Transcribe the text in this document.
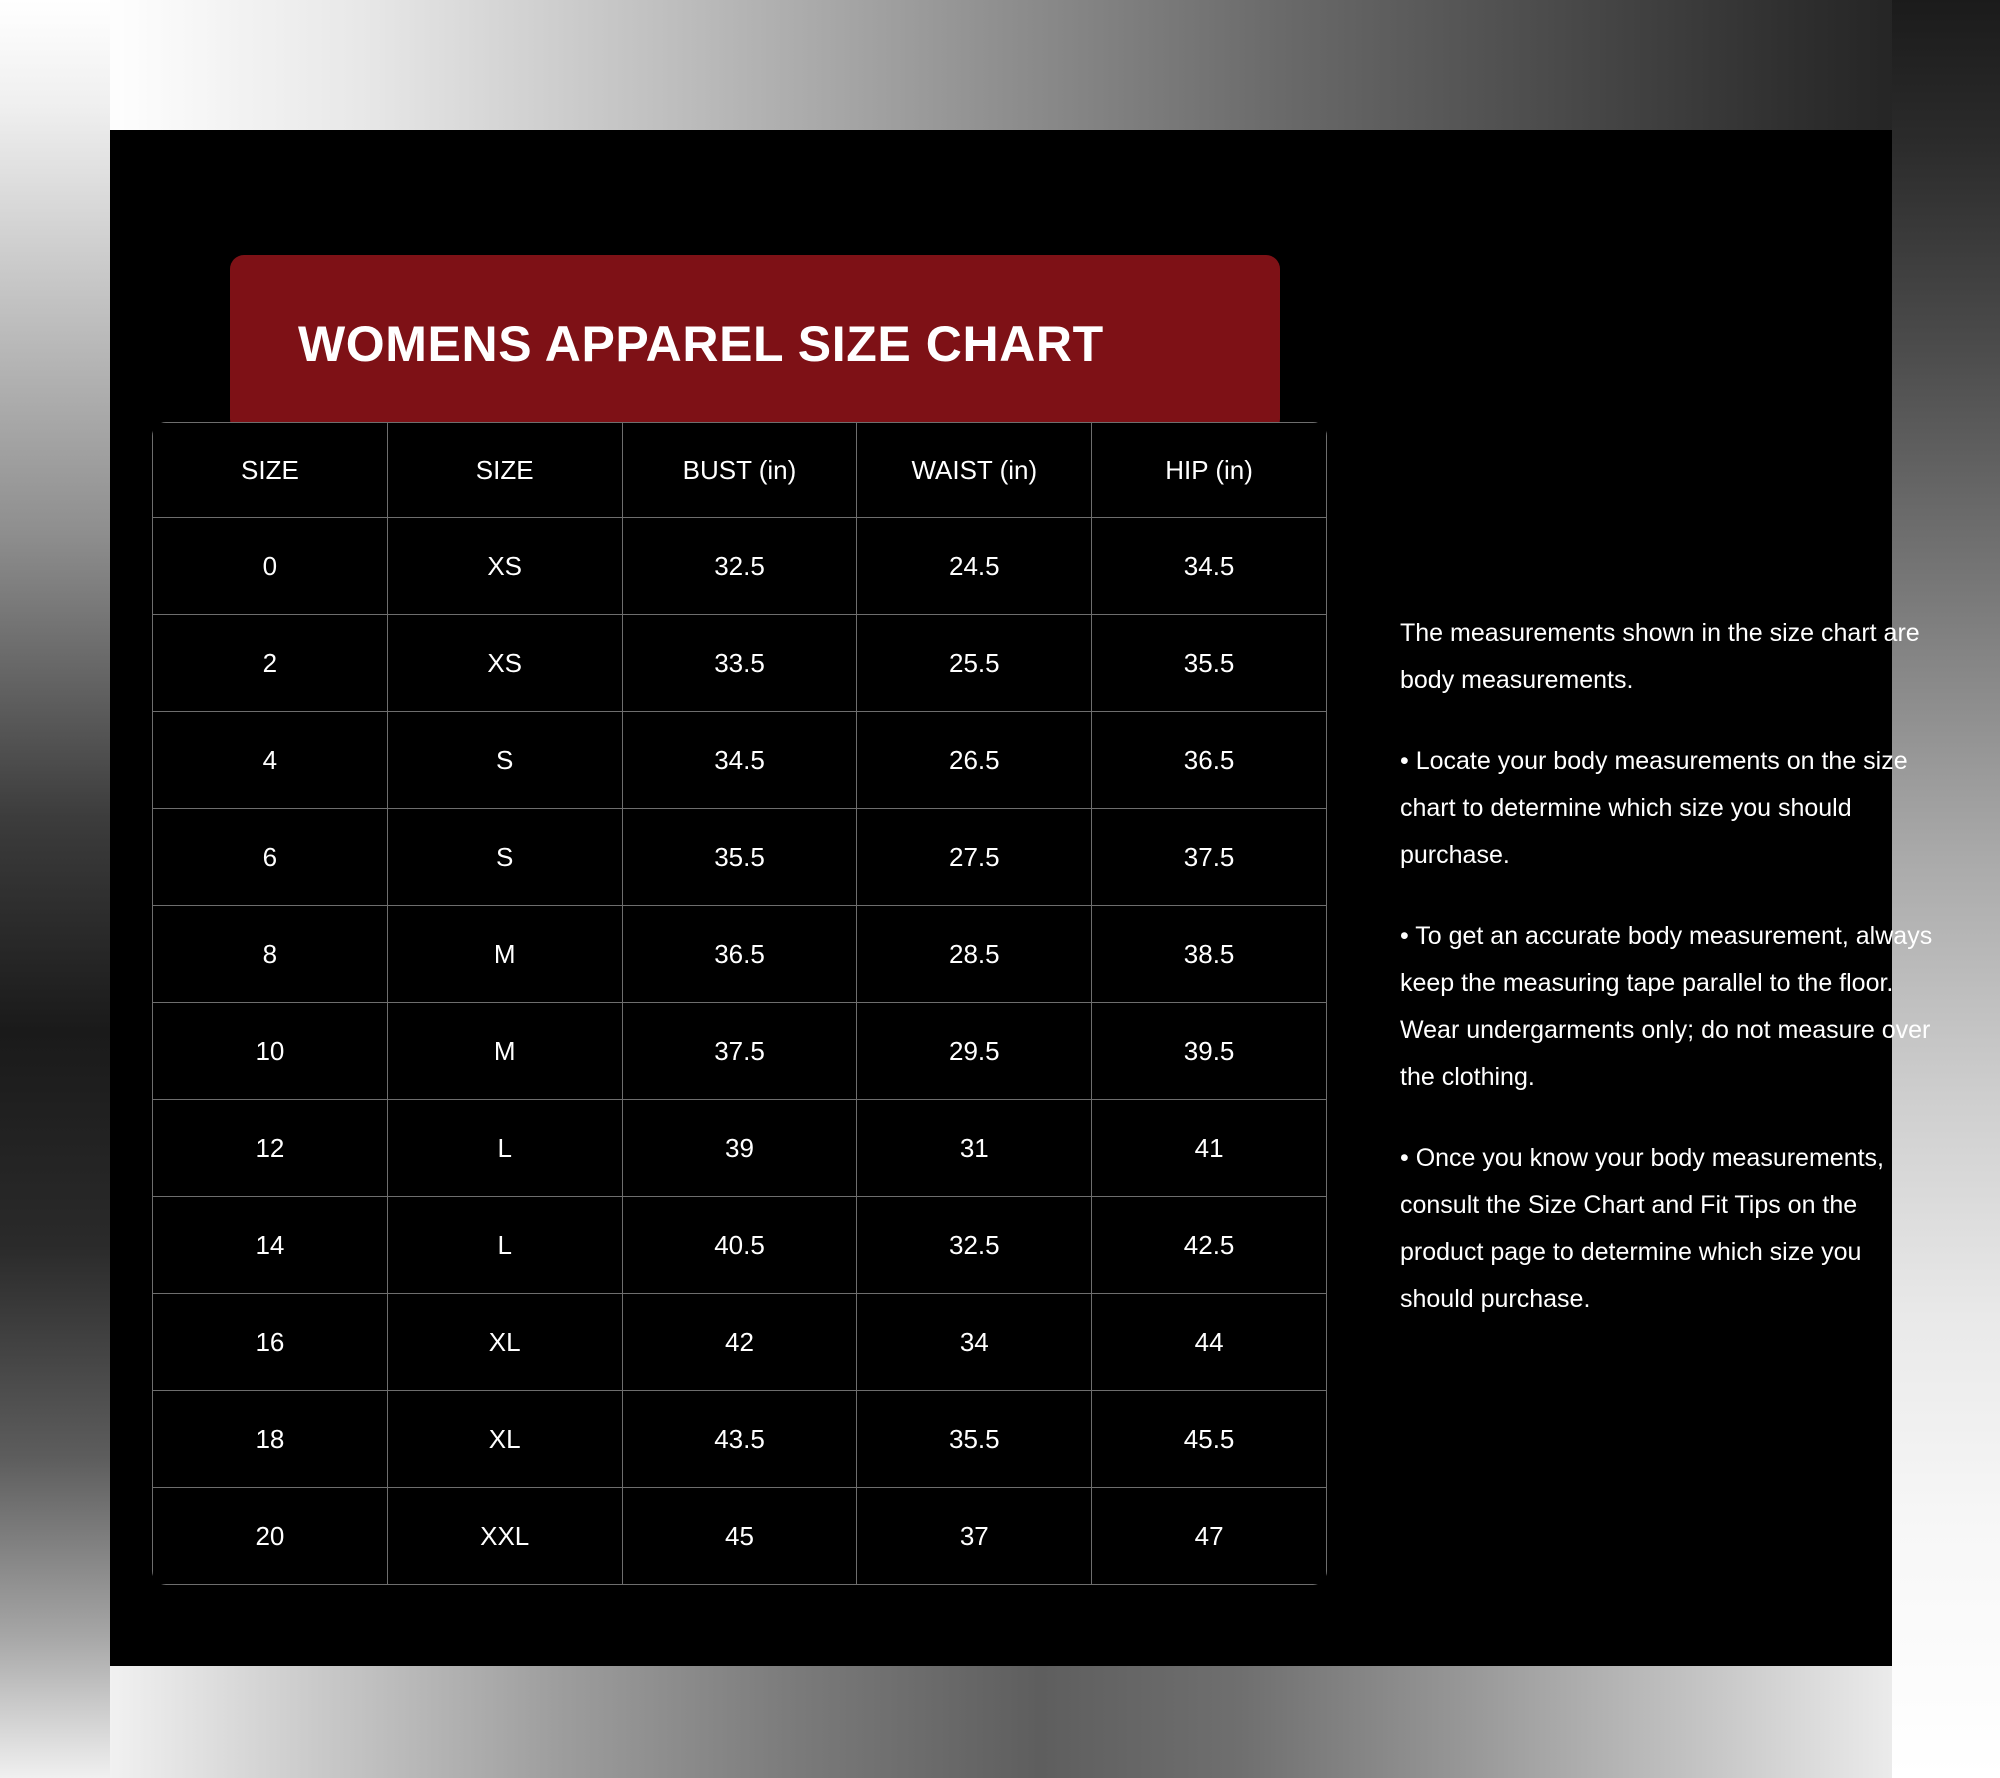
WOMENS APPAREL SIZE CHART
SIZE	SIZE	BUST (in)	WAIST (in)	HIP (in)
0	XS	32.5	24.5	34.5
2	XS	33.5	25.5	35.5
4	S	34.5	26.5	36.5
6	S	35.5	27.5	37.5
8	M	36.5	28.5	38.5
10	M	37.5	29.5	39.5
12	L	39	31	41
14	L	40.5	32.5	42.5
16	XL	42	34	44
18	XL	43.5	35.5	45.5
20	XXL	45	37	47

The measurements shown in the size chart are body measurements.

• Locate your body measurements on the size chart to determine which size you should purchase.

• To get an accurate body measurement, always keep the measuring tape parallel to the floor. Wear undergarments only; do not measure over the clothing.

• Once you know your body measurements, consult the Size Chart and Fit Tips on the product page to determine which size you should purchase.
